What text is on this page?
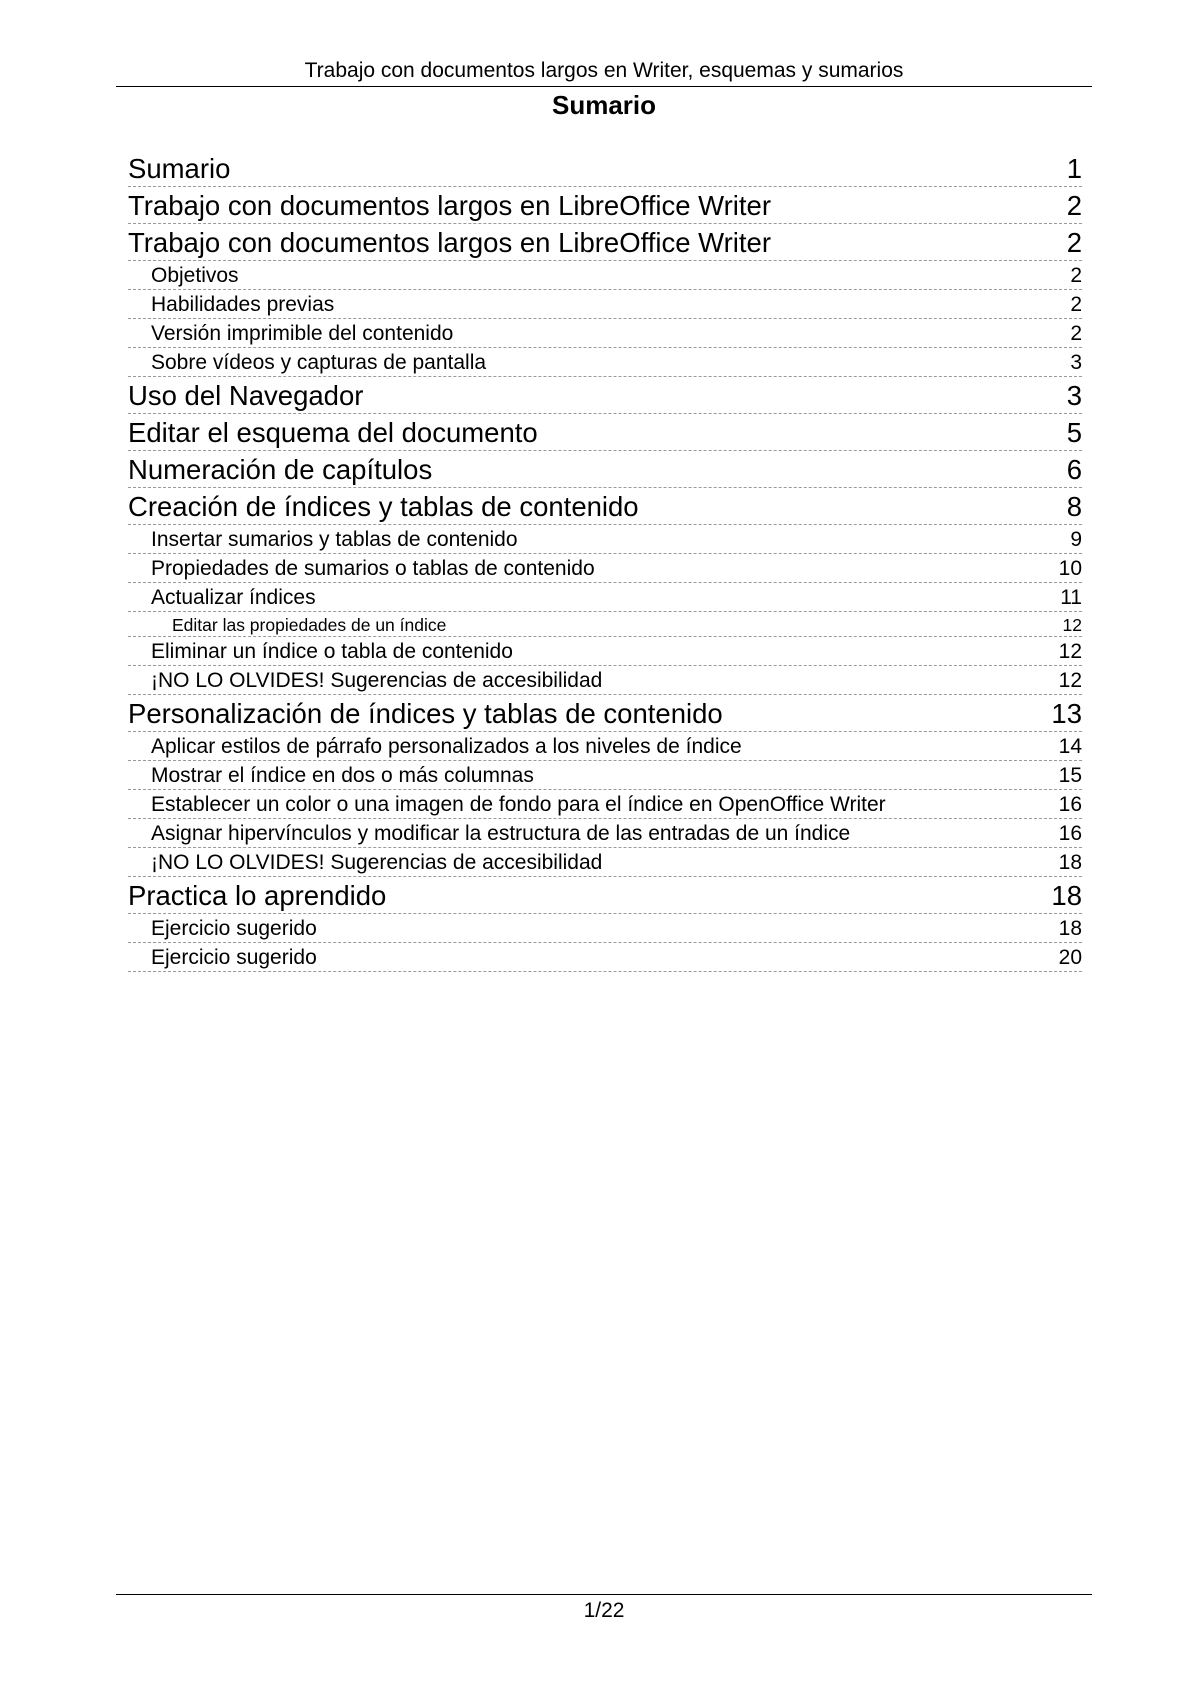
Trabajo con documentos largos en Writer, esquemas y sumarios
Sumario
Sumario	1
Trabajo con documentos largos en LibreOffice Writer	2
Trabajo con documentos largos en LibreOffice Writer	2
Objetivos	2
Habilidades previas	2
Versión imprimible del contenido	2
Sobre vídeos y capturas de pantalla	3
Uso del Navegador	3
Editar el esquema del documento	5
Numeración de capítulos	6
Creación de índices y tablas de contenido	8
Insertar sumarios y tablas de contenido	9
Propiedades de sumarios o tablas de contenido	10
Actualizar índices	11
Editar las propiedades de un índice	12
Eliminar un índice o tabla de contenido	12
¡NO LO OLVIDES! Sugerencias de accesibilidad	12
Personalización de índices y tablas de contenido	13
Aplicar estilos de párrafo personalizados a los niveles de índice	14
Mostrar el índice en dos o más columnas	15
Establecer un color o una imagen de fondo para el índice en OpenOffice Writer	16
Asignar hipervínculos y modificar la estructura de las entradas de un índice	16
¡NO LO OLVIDES! Sugerencias de accesibilidad	18
Practica lo aprendido	18
Ejercicio sugerido	18
Ejercicio sugerido	20
1/22
